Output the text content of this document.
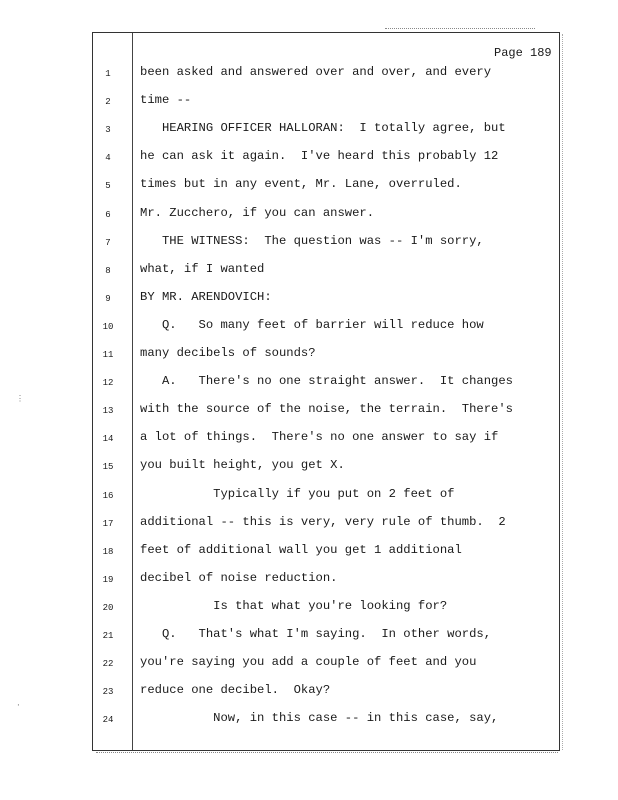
⋮
·
Page 189
1	been asked and answered over and over, and every
2	time --
3	HEARING OFFICER HALLORAN:  I totally agree, but
4	he can ask it again.  I've heard this probably 12
5	times but in any event, Mr. Lane, overruled.
6	Mr. Zucchero, if you can answer.
7	THE WITNESS:  The question was -- I'm sorry,
8	what, if I wanted
9	BY MR. ARENDOVICH:
10	Q.   So many feet of barrier will reduce how
11	many decibels of sounds?
12	A.   There's no one straight answer.  It changes
13	with the source of the noise, the terrain.  There's
14	a lot of things.  There's no one answer to say if
15	you built height, you get X.
16	Typically if you put on 2 feet of
17	additional -- this is very, very rule of thumb.  2
18	feet of additional wall you get 1 additional
19	decibel of noise reduction.
20	Is that what you're looking for?
21	Q.   That's what I'm saying.  In other words,
22	you're saying you add a couple of feet and you
23	reduce one decibel.  Okay?
24	Now, in this case -- in this case, say,
